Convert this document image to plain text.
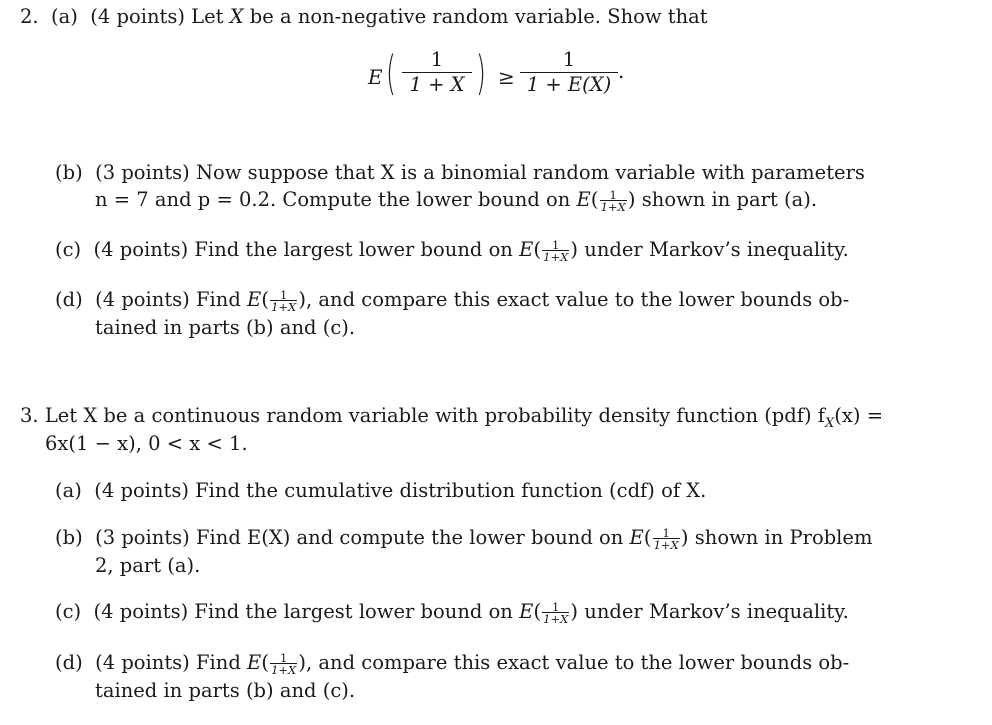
2. (a) (4 points) Let X be a non-negative random variable. Show that
E ( $\frac{1}{1 + X}$ ) ≥ $\frac{1}{1 + E(X)}$ .
(b) (3 points) Now suppose that X is a binomial random variable with parameters
n = 7 and p = 0.2. Compute the lower bound on $E( \frac{1}{1+X}$ ) shown in part (a).
(c) (4 points) Find the largest lower bound on $E( \frac{1}{1+X}$ ) under Markov’s inequality.
(d) (4 points) Find $E( \frac{1}{1+X}$ ), and compare this exact value to the lower bounds ob-
tained in parts (b) and (c).
3. Let X be a continuous random variable with probability density function (pdf) $f_X(x)$ =
6x(1 − x), 0 < x < 1.
(a) (4 points) Find the cumulative distribution function (cdf) of X.
(b) (3 points) Find E(X) and compute the lower bound on $E( \frac{1}{1+X}$ ) shown in Problem
2, part (a).
(c) (4 points) Find the largest lower bound on $E( \frac{1}{1+X}$ ) under Markov’s inequality.
(d) (4 points) Find $E( \frac{1}{1+X}$ ), and compare this exact value to the lower bounds ob-
tained in parts (b) and (c).
